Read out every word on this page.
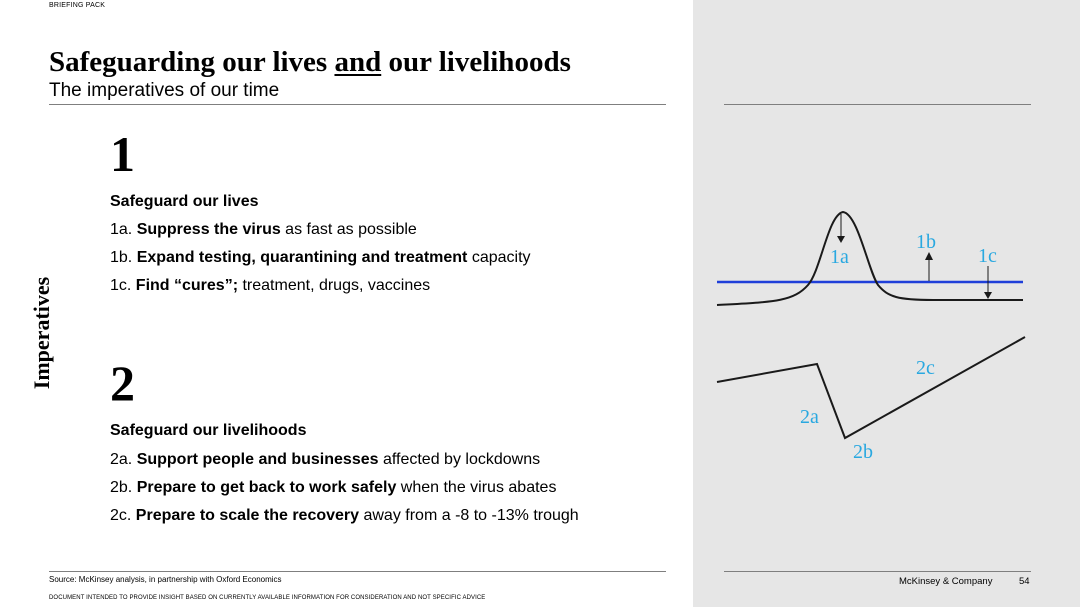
BRIEFING PACK
Safeguarding our lives and our livelihoods
The imperatives of our time
Imperatives
1
Safeguard our lives
1a. Suppress the virus as fast as possible
1b. Expand testing, quarantining and treatment capacity
1c. Find “cures”; treatment, drugs, vaccines
2
Safeguard our livelihoods
2a. Support people and businesses affected by lockdowns
2b. Prepare to get back to work safely when the virus abates
2c. Prepare to scale the recovery away from a -8 to -13% trough
1a
1b
1c
2a
2b
2c
Source: McKinsey analysis, in partnership with Oxford Economics
DOCUMENT INTENDED TO PROVIDE INSIGHT BASED ON CURRENTLY AVAILABLE INFORMATION FOR CONSIDERATION AND NOT SPECIFIC ADVICE
McKinsey & Company	54
